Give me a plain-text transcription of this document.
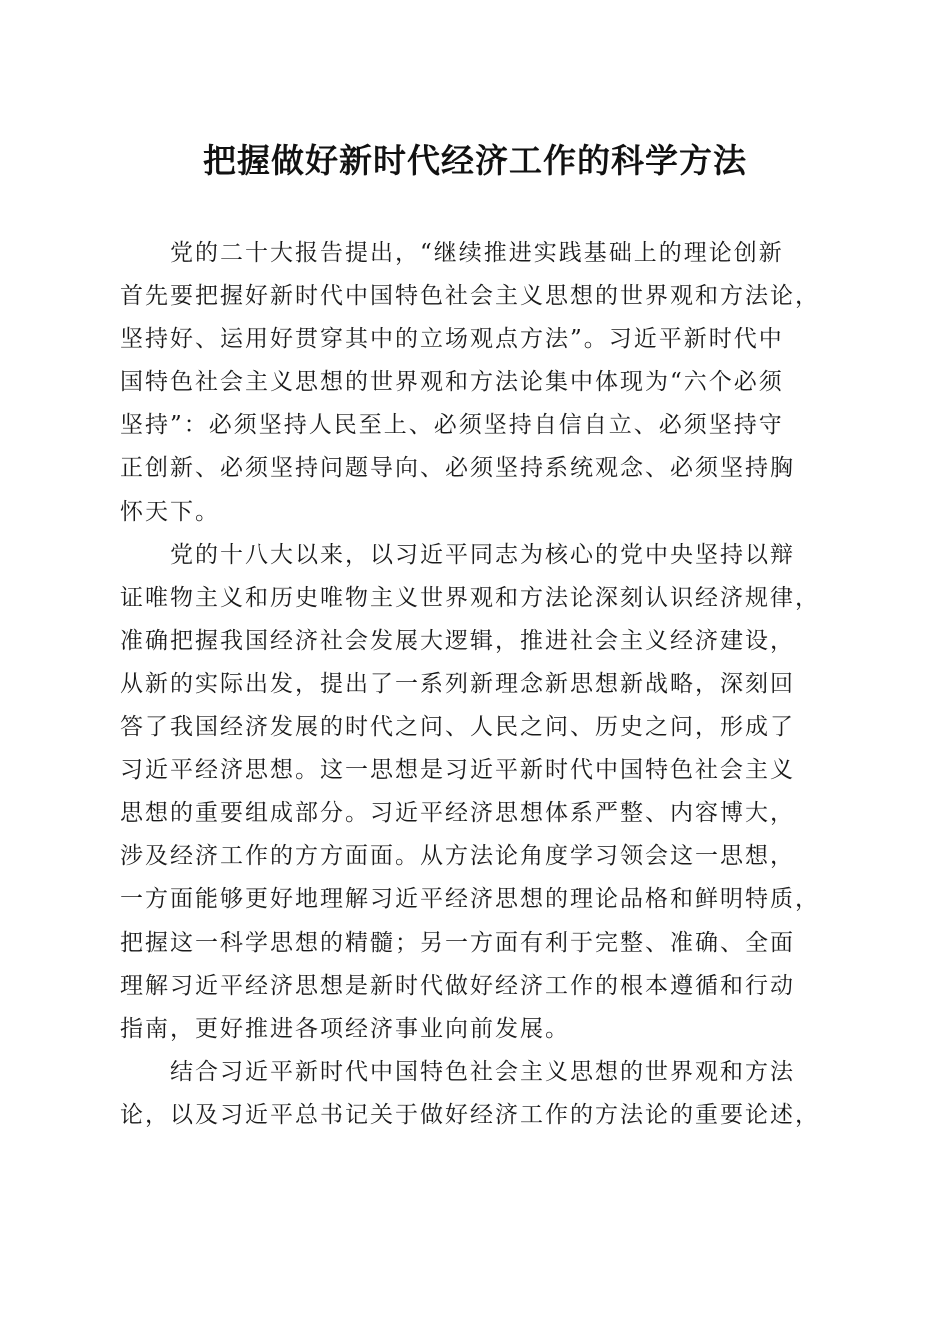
把握做好新时代经济工作的科学方法
党的二十大报告提出，“继续推进实践基础上的理论创新
首先要把握好新时代中国特色社会主义思想的世界观和方法论，
坚持好、运用好贯穿其中的立场观点方法”。习近平新时代中
国特色社会主义思想的世界观和方法论集中体现为“六个必须
坚持”：必须坚持人民至上、必须坚持自信自立、必须坚持守
正创新、必须坚持问题导向、必须坚持系统观念、必须坚持胸
怀天下。
党的十八大以来，以习近平同志为核心的党中央坚持以辩
证唯物主义和历史唯物主义世界观和方法论深刻认识经济规律，
准确把握我国经济社会发展大逻辑，推进社会主义经济建设，
从新的实际出发，提出了一系列新理念新思想新战略，深刻回
答了我国经济发展的时代之问、人民之问、历史之问，形成了
习近平经济思想。这一思想是习近平新时代中国特色社会主义
思想的重要组成部分。习近平经济思想体系严整、内容博大，
涉及经济工作的方方面面。从方法论角度学习领会这一思想，
一方面能够更好地理解习近平经济思想的理论品格和鲜明特质，
把握这一科学思想的精髓；另一方面有利于完整、准确、全面
理解习近平经济思想是新时代做好经济工作的根本遵循和行动
指南，更好推进各项经济事业向前发展。
结合习近平新时代中国特色社会主义思想的世界观和方法
论，以及习近平总书记关于做好经济工作的方法论的重要论述，
